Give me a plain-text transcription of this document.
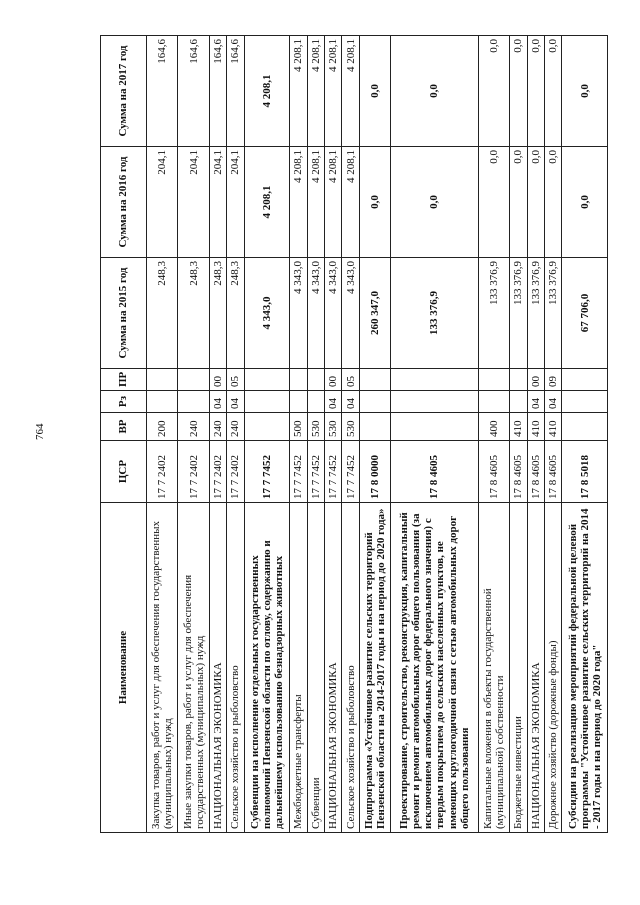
764
Наименование	ЦСР	ВР	Рз	ПР	Сумма на 2015 год	Сумма на 2016 год	Сумма на 2017 год
Закупка товаров, работ и услуг для обеспечения государственных (муниципальных) нужд	17 7 2402	200			248,3	204,1	164,6
Иные закупки товаров, работ и услуг для обеспечения государственных (муниципальных) нужд	17 7 2402	240			248,3	204,1	164,6
НАЦИОНАЛЬНАЯ ЭКОНОМИКА	17 7 2402	240	04	00	248,3	204,1	164,6
Сельское хозяйство и рыболовство	17 7 2402	240	04	05	248,3	204,1	164,6
Субвенции на исполнение отдельных государственных полномочий Пензенской области по отлову, содержанию и дальнейшему использованию безнадзорных животных	17 7 7452				4 343,0	4 208,1	4 208,1
Межбюджетные трансферты	17 7 7452	500			4 343,0	4 208,1	4 208,1
Субвенции	17 7 7452	530			4 343,0	4 208,1	4 208,1
НАЦИОНАЛЬНАЯ ЭКОНОМИКА	17 7 7452	530	04	00	4 343,0	4 208,1	4 208,1
Сельское хозяйство и рыболовство	17 7 7452	530	04	05	4 343,0	4 208,1	4 208,1
Подпрограмма «Устойчивое развитие сельских территорий Пензенской области на 2014-2017 годы и на период до 2020 года»	17 8 0000				260 347,0	0,0	0,0
Проектирование, строительство, реконструкция, капитальный ремонт и ремонт автомобильных дорог общего пользования (за исключением автомобильных дорог федерального значения) с твердым покрытием до сельских населенных пунктов, не имеющих круглогодичной связи с сетью автомобильных дорог общего пользования	17 8 4605				133 376,9	0,0	0,0
Капитальные вложения в объекты государственной (муниципальной) собственности	17 8 4605	400			133 376,9	0,0	0,0
Бюджетные инвестиции	17 8 4605	410			133 376,9	0,0	0,0
НАЦИОНАЛЬНАЯ ЭКОНОМИКА	17 8 4605	410	04	00	133 376,9	0,0	0,0
Дорожное хозяйство (дорожные фонды)	17 8 4605	410	04	09	133 376,9	0,0	0,0
Субсидии на реализацию мероприятий федеральной целевой программы "Устойчивое развитие сельских территорий на 2014 - 2017 годы и на период до 2020 года"	17 8 5018				67 706,0	0,0	0,0
